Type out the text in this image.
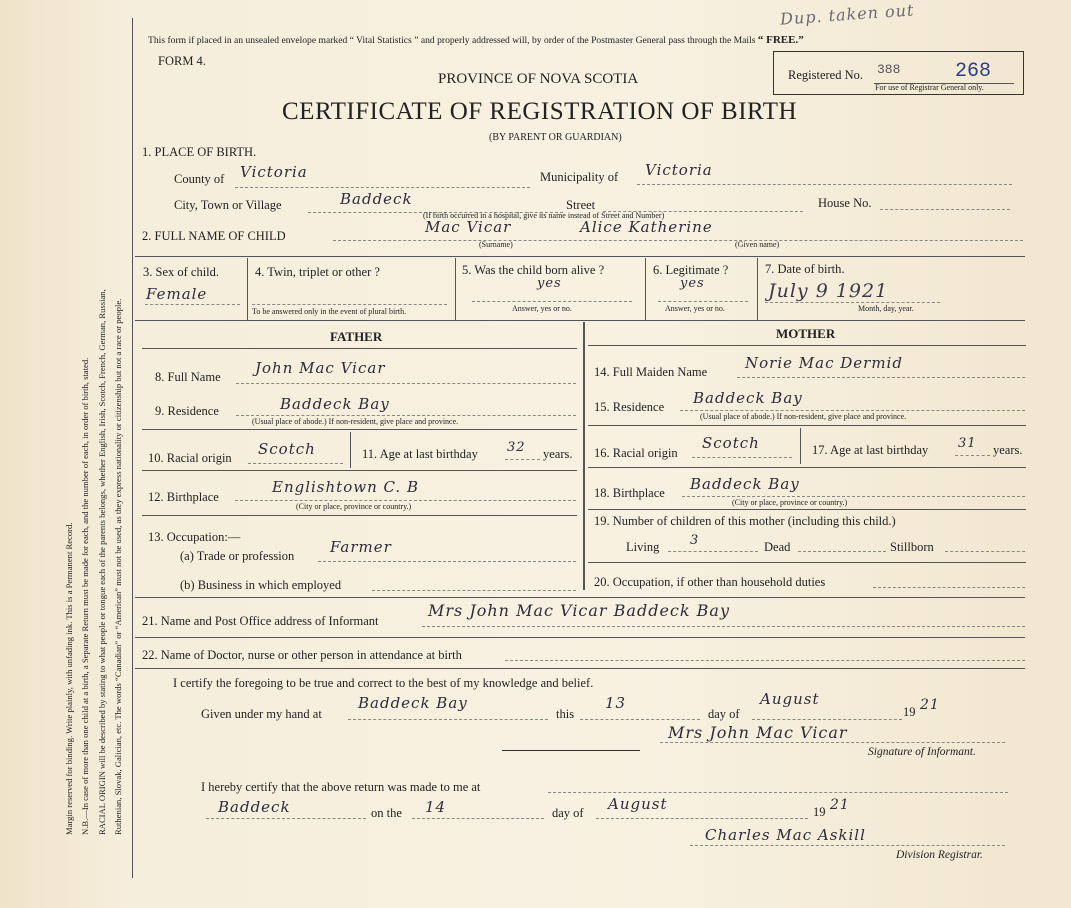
Margin reserved for binding. Write plainly, with unfading ink. This is a Permanent Record. N.B.—In case of more than one child at a birth, a Separate Return must be made for each, and the number of each, in order of birth, stated. RACIAL ORIGIN will be described by stating to what people or tongue each of the parents belongs, whether English, Irish, Scotch, French, German, Russian, Ruthenian, Slovak, Galician, etc. The words “Canadian” or “American” must not be used, as they express nationality or citizenship but not a race or people.
This form if placed in an unsealed envelope marked “ Vital Statistics ” and properly addressed will, by order of the Postmaster General pass through the Mails “ FREE.”
Dup. taken out
FORM 4.
PROVINCE OF NOVA SCOTIA
CERTIFICATE OF REGISTRATION OF BIRTH
(BY PARENT OR GUARDIAN)
Registered No. 388	268
For use of Registrar General only.
1. PLACE OF BIRTH.
County of Victoria	Municipality of Victoria
City, Town or Village	Baddeck	Street	House No.
(If birth occurred in a hospital, give its name instead of Street and Number)
2. FULL NAME OF CHILD	Mac Vicar	Alice Katherine
(Surname)	(Given name)
3. Sex of child.
Female
4. Twin, triplet or other ?
To be answered only in the event of plural birth.
5. Was the child born alive ?
yes
Answer, yes or no.
6. Legitimate ?
yes
Answer, yes or no.
7. Date of birth.
July 9 1921
Month, day, year.
FATHER
8. Full Name John Mac Vicar
9. Residence	Baddeck Bay
(Usual place of abode.) If non-resident, give place and province.
10. Racial origin Scotch	11. Age at last birthday 32 years.
12. Birthplace
Englishtown C. B
(City or place, province or country.)
13. Occupation:—
(a) Trade or profession Farmer
(b) Business in which employed
MOTHER
14. Full Maiden Name	Norie Mac Dermid
15. Residence Baddeck Bay
(Usual place of abode.) If non-resident, give place and province.
16. Racial origin
Scotch	17. Age at last birthday 31 years.
18. Birthplace Baddeck Bay
(City or place, province or country.)
19. Number of children of this mother (including this child.)
Living 3	Dead	Stillborn
20. Occupation, if other than household duties
21. Name and Post Office address of Informant
Mrs John Mac Vicar Baddeck Bay
22. Name of Doctor, nurse or other person in attendance at birth
I certify the foregoing to be true and correct to the best of my knowledge and belief.
Given under my hand at
Baddeck Bay
this
13
day of
August
19 21
Mrs John Mac Vicar
Signature of Informant.
I hereby certify that the above return was made to me at
Baddeck	on the 14	day of August	19 21
Charles Mac Askill
Division Registrar.
